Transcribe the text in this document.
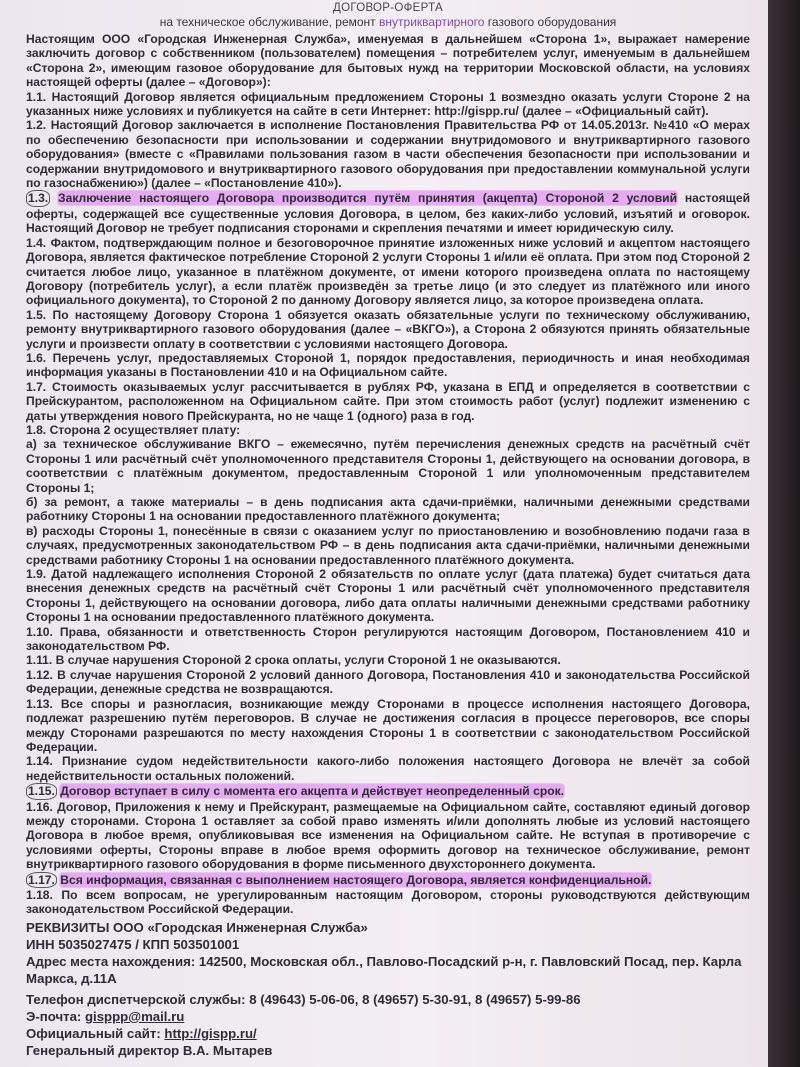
ДОГОВОР-ОФЕРТА
на техническое обслуживание, ремонт внутриквартирного газового оборудования

Настоящим ООО «Городская Инженерная Служба», именуемая в дальнейшем «Сторона 1», выражает намерение заключить договор с собственником (пользователем) помещения – потребителем услуг, именуемым в дальнейшем «Сторона 2», имеющим газовое оборудование для бытовых нужд на территории Московской области, на условиях настоящей оферты (далее – «Договор»):

1.1. Настоящий Договор является официальным предложением Стороны 1 возмездно оказать услуги Стороне 2 на указанных ниже условиях и публикуется на сайте в сети Интернет: http://gispp.ru/ (далее – «Официальный сайт).

1.2. Настоящий Договор заключается в исполнение Постановления Правительства РФ от 14.05.2013г. №410 «О мерах по обеспечению безопасности при использовании и содержании внутридомового и внутриквартирного газового оборудования» (вместе с «Правилами пользования газом в части обеспечения безопасности при использовании и содержании внутридомового и внутриквартирного газового оборудования при предоставлении коммунальной услуги по газоснабжению») (далее – «Постановление 410»).

1.3. Заключение настоящего Договора производится путём принятия (акцепта) Стороной 2 условий настоящей оферты, содержащей все существенные условия Договора, в целом, без каких-либо условий, изъятий и оговорок. Настоящий Договор не требует подписания сторонами и скрепления печатями и имеет юридическую силу.

1.4. Фактом, подтверждающим полное и безоговорочное принятие изложенных ниже условий и акцептом настоящего Договора, является фактическое потребление Стороной 2 услуги Стороны 1 и/или её оплата. При этом под Стороной 2 считается любое лицо, указанное в платёжном документе, от имени которого произведена оплата по настоящему Договору (потребитель услуг), а если платёж произведён за третье лицо (и это следует из платёжного или иного официального документа), то Стороной 2 по данному Договору является лицо, за которое произведена оплата.

1.5. По настоящему Договору Сторона 1 обязуется оказать обязательные услуги по техническому обслуживанию, ремонту внутриквартирного газового оборудования (далее – «ВКГО»), а Сторона 2 обязуются принять обязательные услуги и произвести оплату в соответствии с условиями настоящего Договора.

1.6. Перечень услуг, предоставляемых Стороной 1, порядок предоставления, периодичность и иная необходимая информация указаны в Постановлении 410 и на Официальном сайте.

1.7. Стоимость оказываемых услуг рассчитывается в рублях РФ, указана в ЕПД и определяется в соответствии с Прейскурантом, расположенном на Официальном сайте. При этом стоимость работ (услуг) подлежит изменению с даты утверждения нового Прейскуранта, но не чаще 1 (одного) раза в год.

1.8. Сторона 2 осуществляет плату:

а) за техническое обслуживание ВКГО – ежемесячно, путём перечисления денежных средств на расчётный счёт Стороны 1 или расчётный счёт уполномоченного представителя Стороны 1, действующего на основании договора, в соответствии с платёжным документом, предоставленным Стороной 1 или уполномоченным представителем Стороны 1;

б) за ремонт, а также материалы – в день подписания акта сдачи-приёмки, наличными денежными средствами работнику Стороны 1 на основании предоставленного платёжного документа;

в) расходы Стороны 1, понесённые в связи с оказанием услуг по приостановлению и возобновлению подачи газа в случаях, предусмотренных законодательством РФ – в день подписания акта сдачи-приёмки, наличными денежными средствами работнику Стороны 1 на основании предоставленного платёжного документа.

1.9. Датой надлежащего исполнения Стороной 2 обязательств по оплате услуг (дата платежа) будет считаться дата внесения денежных средств на расчётный счёт Стороны 1 или расчётный счёт уполномоченного представителя Стороны 1, действующего на основании договора, либо дата оплаты наличными денежными средствами работнику Стороны 1 на основании предоставленного платёжного документа.

1.10. Права, обязанности и ответственность Сторон регулируются настоящим Договором, Постановлением 410 и законодательством РФ.

1.11. В случае нарушения Стороной 2 срока оплаты, услуги Стороной 1 не оказываются.

1.12. В случае нарушения Стороной 2 условий данного Договора, Постановления 410 и законодательства Российской Федерации, денежные средства не возвращаются.

1.13. Все споры и разногласия, возникающие между Сторонами в процессе исполнения настоящего Договора, подлежат разрешению путём переговоров. В случае не достижения согласия в процессе переговоров, все споры между Сторонами разрешаются по месту нахождения Стороны 1 в соответствии с законодательством Российской Федерации.

1.14. Признание судом недействительности какого-либо положения настоящего Договора не влечёт за собой недействительности остальных положений.

1.15. Договор вступает в силу с момента его акцепта и действует неопределенный срок.

1.16. Договор, Приложения к нему и Прейскурант, размещаемые на Официальном сайте, составляют единый договор между сторонами. Сторона 1 оставляет за собой право изменять и/или дополнять любые из условий настоящего Договора в любое время, опубликовывая все изменения на Официальном сайте. Не вступая в противоречие с условиями оферты, Стороны вправе в любое время оформить договор на техническое обслуживание, ремонт внутриквартирного газового оборудования в форме письменного двухстороннего документа.

1.17. Вся информация, связанная с выполнением настоящего Договора, является конфиденциальной.

1.18. По всем вопросам, не урегулированным настоящим Договором, стороны руководствуются действующим законодательством Российской Федерации.

РЕКВИЗИТЫ ООО «Городская Инженерная Служба»

ИНН 5035027475 / КПП 503501001

Адрес места нахождения: 142500, Московская обл., Павлово-Посадский р-н, г. Павловский Посад, пер. Карла Маркса, д.11А

Телефон диспетчерской службы: 8 (49643) 5-06-06, 8 (49657) 5-30-91, 8 (49657) 5-99-86

Э-почта: gisppp@mail.ru

Официальный сайт: http://gispp.ru/

Генеральный директор В.А. Мытарев
